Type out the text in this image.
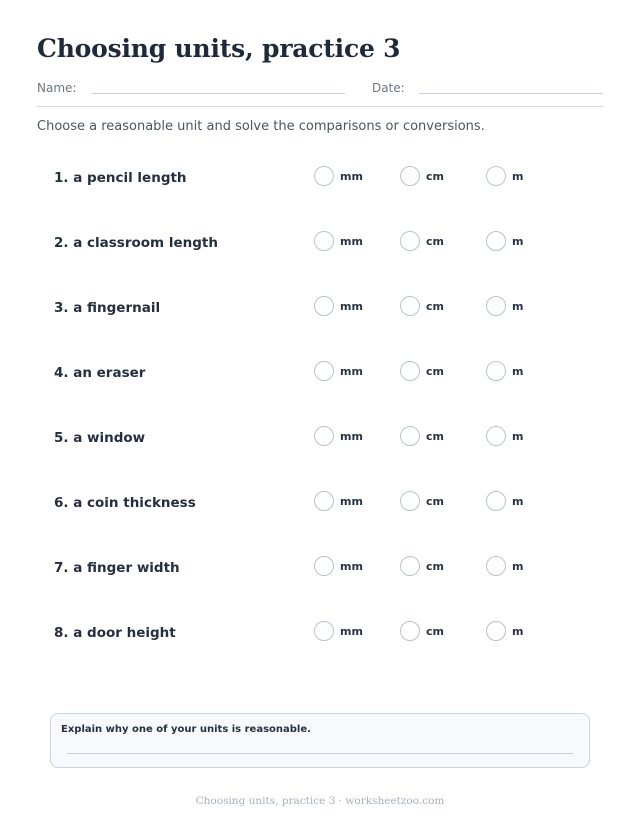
Choosing units, practice 3
Name:	Date:

Choose a reasonable unit and solve the comparisons or conversions.

1. a pencil length	mm	cm	m
2. a classroom length	mm	cm	m
3. a fingernail	mm	cm	m
4. an eraser	mm	cm	m
5. a window	mm	cm	m
6. a coin thickness	mm	cm	m
7. a finger width	mm	cm	m
8. a door height	mm	cm	m
Explain why one of your units is reasonable.
Choosing units, practice 3 · worksheetzoo.com
